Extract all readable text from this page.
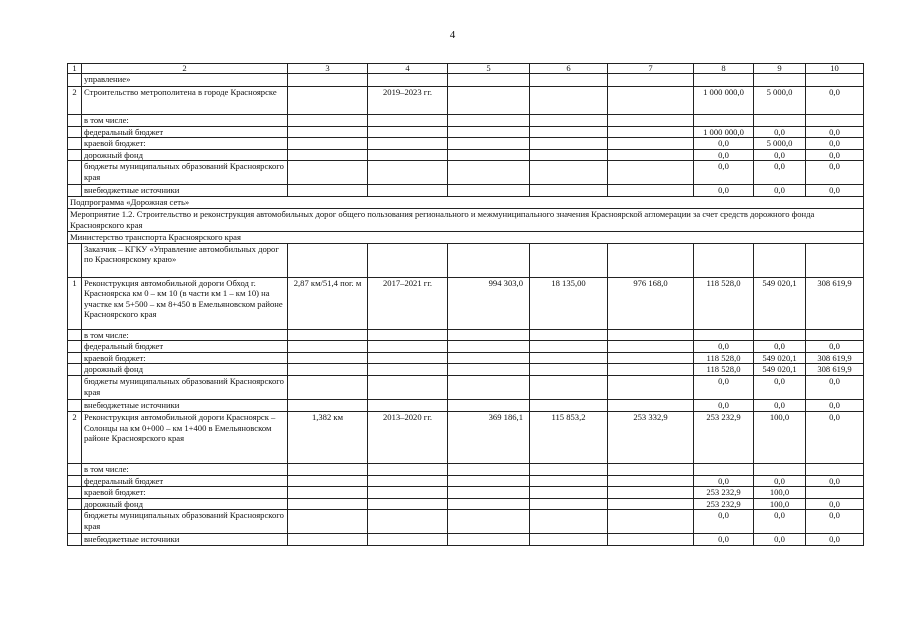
4
1	2	3	4	5	6	7	8	9	10
	управление»								
2	Строительство метрополитена в городе Красноярске		2019–2023 гг.				1 000 000,0	5 000,0	0,0
	в том числе:								
	федеральный бюджет						1 000 000,0	0,0	0,0
	краевой бюджет:						0,0	5 000,0	0,0
	дорожный фонд						0,0	0,0	0,0
	бюджеты муниципальных образований Красноярского края						0,0	0,0	0,0
	внебюджетные источники						0,0	0,0	0,0
Подпрограмма «Дорожная сеть»									
Мероприятие 1.2. Строительство и реконструкция автомобильных дорог общего пользования регионального и межмуниципального значения Красноярской агломерации за счет средств дорожного фонда Красноярского края									
Министерство транспорта Красноярского края									
	Заказчик – КГКУ «Управление автомобильных дорог по Красноярскому краю»								
1	Реконструкция автомобильной дороги Обход г. Красноярска км 0 – км 10 (в части км 1 – км 10) на участке км 5+500 – км 8+450 в Емельяновском районе Красноярского края	2,87 км/51,4 пог. м	2017–2021 гг.	994 303,0	18 135,00	976 168,0	118 528,0	549 020,1	308 619,9
	в том числе:								
	федеральный бюджет						0,0	0,0	0,0
	краевой бюджет:						118 528,0	549 020,1	308 619,9
	дорожный фонд						118 528,0	549 020,1	308 619,9
	бюджеты муниципальных образований Красноярского края						0,0	0,0	0,0
	внебюджетные источники						0,0	0,0	0,0
2	Реконструкция автомобильной дороги Красноярск – Солонцы на км 0+000 – км 1+400 в Емельяновском районе Красноярского края	1,382 км	2013–2020 гг.	369 186,1	115 853,2	253 332,9	253 232,9	100,0	0,0
	в том числе:								
	федеральный бюджет						0,0	0,0	0,0
	краевой бюджет:						253 232,9	100,0	
	дорожный фонд						253 232,9	100,0	0,0
	бюджеты муниципальных образований Красноярского края						0,0	0,0	0,0
	внебюджетные источники						0,0	0,0	0,0
